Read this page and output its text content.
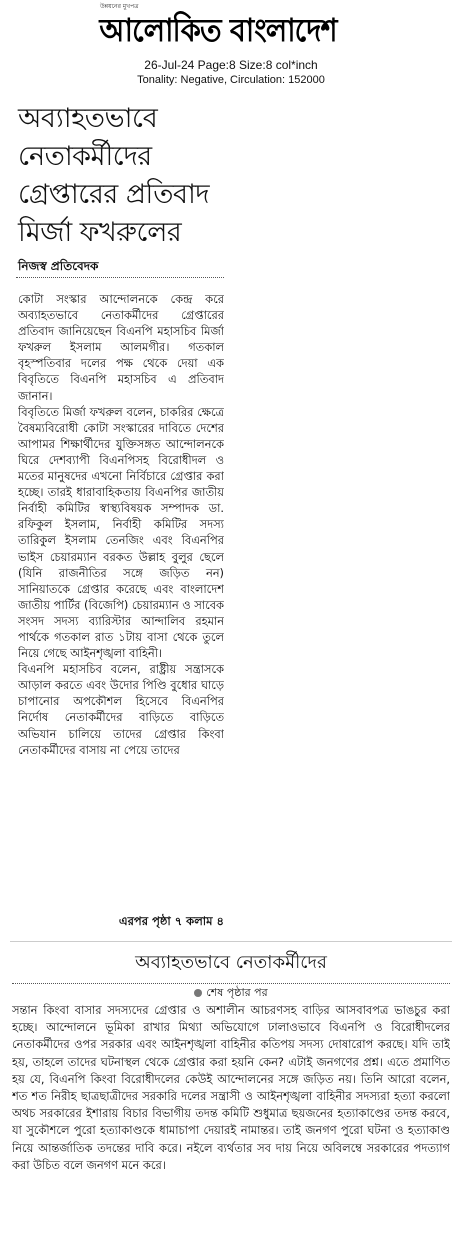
উন্নয়নের মুখপত্র
আলোকিত বাংলাদেশ
26-Jul-24 Page:8 Size:8 col*inch
Tonality: Negative, Circulation: 152000
অব্যাহতভাবে
নেতাকর্মীদের
গ্রেপ্তারের প্রতিবাদ
মির্জা ফখরুলের
নিজস্ব প্রতিবেদক

কোটা সংস্কার আন্দোলনকে কেন্দ্র করে অব্যাহতভাবে নেতাকর্মীদের গ্রেপ্তারের প্রতিবাদ জানিয়েছেন বিএনপি মহাসচিব মির্জা ফখরুল ইসলাম আলমগীর। গতকাল বৃহস্পতিবার দলের পক্ষ থেকে দেয়া এক বিবৃতিতে বিএনপি মহাসচিব এ প্রতিবাদ জানান।

বিবৃতিতে মির্জা ফখরুল বলেন, চাকরির ক্ষেত্রে বৈষম্যবিরোধী কোটা সংস্কারের দাবিতে দেশের আপামর শিক্ষার্থীদের যুক্তিসঙ্গত আন্দোলনকে ঘিরে দেশব্যাপী বিএনপিসহ বিরোধীদল ও মতের মানুষদের এখনো নির্বিচারে গ্রেপ্তার করা হচ্ছে। তারই ধারাবাহিকতায় বিএনপির জাতীয় নির্বাহী কমিটির স্বাস্থ্যবিষয়ক সম্পাদক ডা. রফিকুল ইসলাম, নির্বাহী কমিটির সদস্য তারিকুল ইসলাম তেনজিং এবং বিএনপির ভাইস চেয়ারম্যান বরকত উল্লাহ বুলুর ছেলে (যিনি রাজনীতির সঙ্গে জড়িত নন) সানিয়াতকে গ্রেপ্তার করেছে এবং বাংলাদেশ জাতীয় পার্টির (বিজেপি) চেয়ারম্যান ও সাবেক সংসদ সদস্য ব্যারিস্টার আন্দালিব রহমান পার্থকে গতকাল রাত ১টায় বাসা থেকে তুলে নিয়ে গেছে আইনশৃঙ্খলা বাহিনী।

বিএনপি মহাসচিব বলেন, রাষ্ট্রীয় সন্ত্রাসকে আড়াল করতে এবং উদোর পিণ্ডি বুধোর ঘাড়ে চাপানোর অপকৌশল হিসেবে বিএনপির নির্দোষ নেতাকর্মীদের বাড়িতে বাড়িতে অভিযান চালিয়ে তাদের গ্রেপ্তার কিংবা নেতাকর্মীদের বাসায় না পেয়ে তাদের

এরপর পৃষ্ঠা ৭ কলাম ৪
অব্যাহতভাবে নেতাকর্মীদের
শেষ পৃষ্ঠার পর

সন্তান কিংবা বাসার সদস্যদের গ্রেপ্তার ও অশালীন আচরণসহ বাড়ির আসবাবপত্র ভাঙচুর করা হচ্ছে। আন্দোলনে ভূমিকা রাখার মিথ্যা অভিযোগে ঢালাওভাবে বিএনপি ও বিরোধীদলের নেতাকর্মীদের ওপর সরকার এবং আইনশৃঙ্খলা বাহিনীর কতিপয় সদস্য দোষারোপ করছে। যদি তাই হয়, তাহলে তাদের ঘটনাস্থল থেকে গ্রেপ্তার করা হয়নি কেন? এটাই জনগণের প্রশ্ন। এতে প্রমাণিত হয় যে, বিএনপি কিংবা বিরোধীদলের কেউই আন্দোলনের সঙ্গে জড়িত নয়। তিনি আরো বলেন, শত শত নিরীহ ছাত্রছাত্রীদের সরকারি দলের সন্ত্রাসী ও আইনশৃঙ্খলা বাহিনীর সদস্যরা হত্যা করলো অথচ সরকারের ইশারায় বিচার বিভাগীয় তদন্ত কমিটি শুধুমাত্র ছয়জনের হত্যাকাণ্ডের তদন্ত করবে, যা সুকৌশলে পুরো হত্যাকাণ্ডকে ধামাচাপা দেয়ারই নামান্তর। তাই জনগণ পুরো ঘটনা ও হত্যাকাণ্ড নিয়ে আন্তর্জাতিক তদন্তের দাবি করে। নইলে ব্যর্থতার সব দায় নিয়ে অবিলম্বে সরকারের পদত্যাগ করা উচিত বলে জনগণ মনে করে।
